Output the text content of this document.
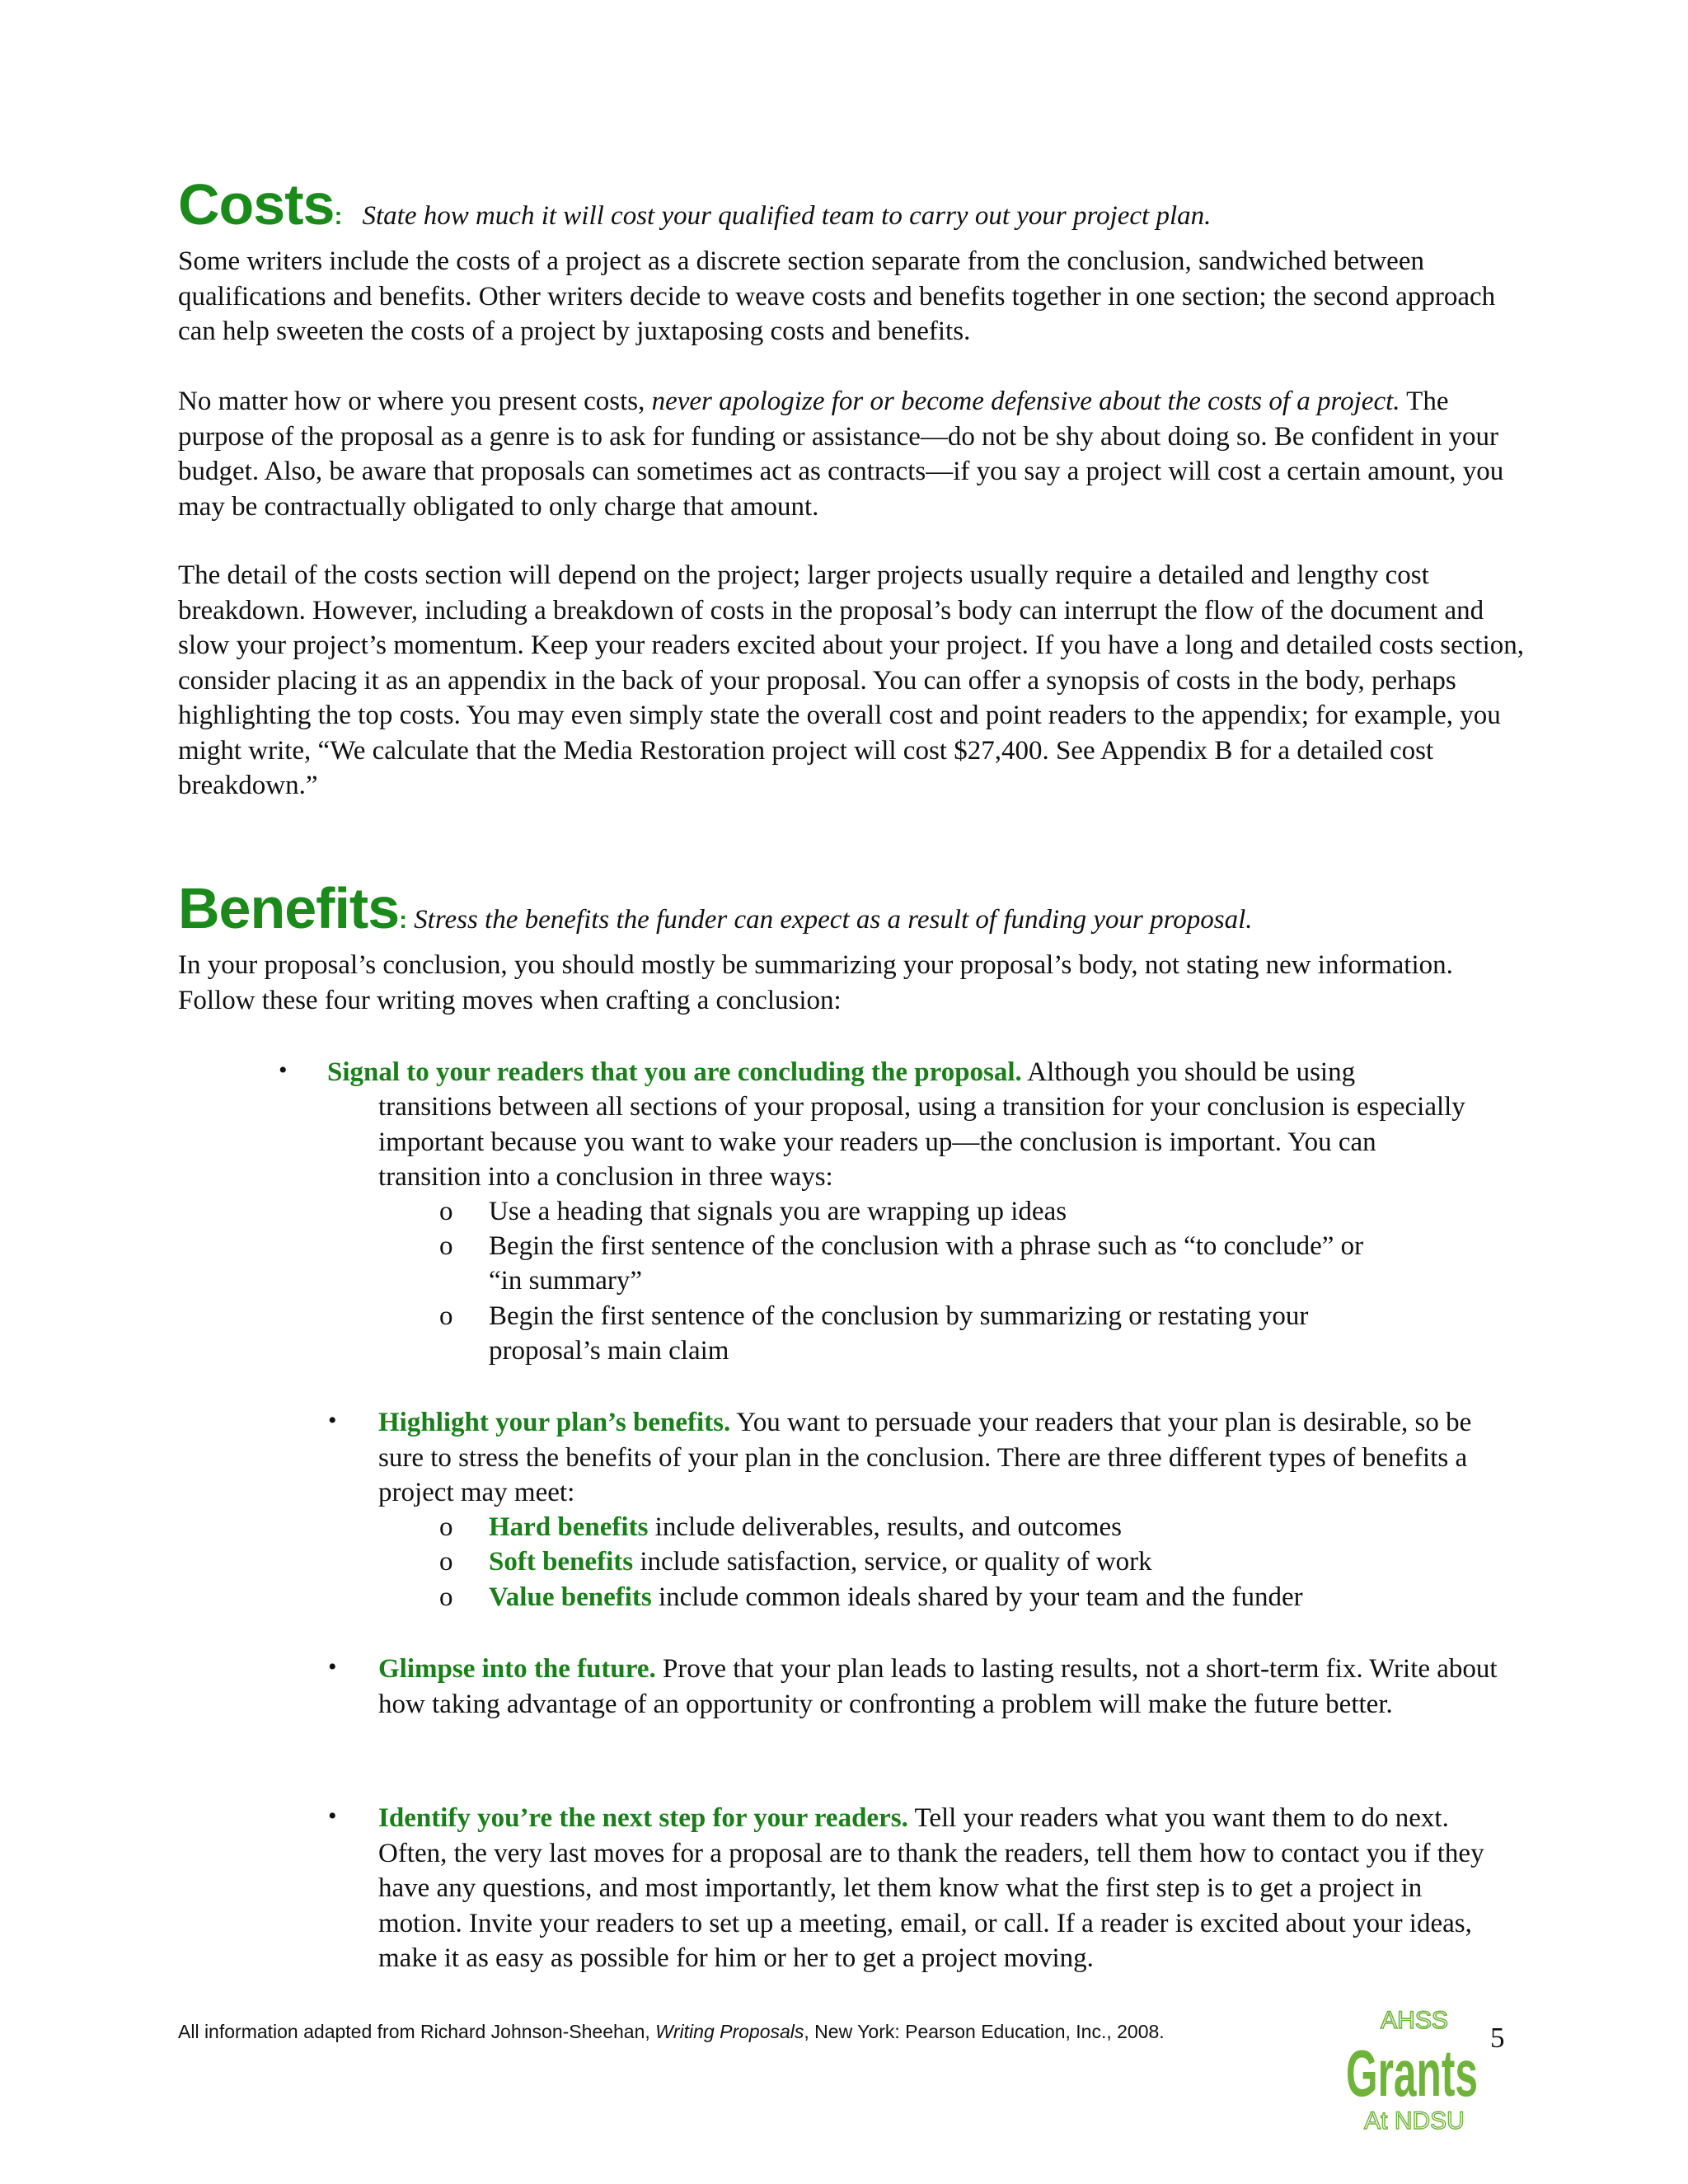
Costs: State how much it will cost your qualified team to carry out your project plan.

Some writers include the costs of a project as a discrete section separate from the conclusion, sandwiched between qualifications and benefits. Other writers decide to weave costs and benefits together in one section; the second approach can help sweeten the costs of a project by juxtaposing costs and benefits.

No matter how or where you present costs, never apologize for or become defensive about the costs of a project. The purpose of the proposal as a genre is to ask for funding or assistance—do not be shy about doing so. Be confident in your budget. Also, be aware that proposals can sometimes act as contracts—if you say a project will cost a certain amount, you may be contractually obligated to only charge that amount.

The detail of the costs section will depend on the project; larger projects usually require a detailed and lengthy cost breakdown. However, including a breakdown of costs in the proposal’s body can interrupt the flow of the document and slow your project’s momentum. Keep your readers excited about your project. If you have a long and detailed costs section, consider placing it as an appendix in the back of your proposal. You can offer a synopsis of costs in the body, perhaps highlighting the top costs. You may even simply state the overall cost and point readers to the appendix; for example, you might write, “We calculate that the Media Restoration project will cost $27,400. See Appendix B for a detailed cost breakdown.”

Benefits: Stress the benefits the funder can expect as a result of funding your proposal.

In your proposal’s conclusion, you should mostly be summarizing your proposal’s body, not stating new information. Follow these four writing moves when crafting a conclusion:

• Signal to your readers that you are concluding the proposal. Although you should be using
transitions between all sections of your proposal, using a transition for your conclusion is especially important because you want to wake your readers up—the conclusion is important. You can transition into a conclusion in three ways:
o Use a heading that signals you are wrapping up ideas
o Begin the first sentence of the conclusion with a phrase such as “to conclude” or
“in summary”
o Begin the first sentence of the conclusion by summarizing or restating your
proposal’s main claim
• Highlight your plan’s benefits. You want to persuade your readers that your plan is desirable, so be sure to stress the benefits of your plan in the conclusion. There are three different types of benefits a project may meet:
o Hard benefits include deliverables, results, and outcomes
o Soft benefits include satisfaction, service, or quality of work
o Value benefits include common ideals shared by your team and the funder
• Glimpse into the future. Prove that your plan leads to lasting results, not a short-term fix. Write about how taking advantage of an opportunity or confronting a problem will make the future better.
• Identify you’re the next step for your readers. Tell your readers what you want them to do next. Often, the very last moves for a proposal are to thank the readers, tell them how to contact you if they have any questions, and most importantly, let them know what the first step is to get a project in motion. Invite your readers to set up a meeting, email, or call. If a reader is excited about your ideas, make it as easy as possible for him or her to get a project moving.
All information adapted from Richard Johnson-Sheehan, Writing Proposals, New York: Pearson Education, Inc., 2008.	AHSS
Grants
At NDSU
5
